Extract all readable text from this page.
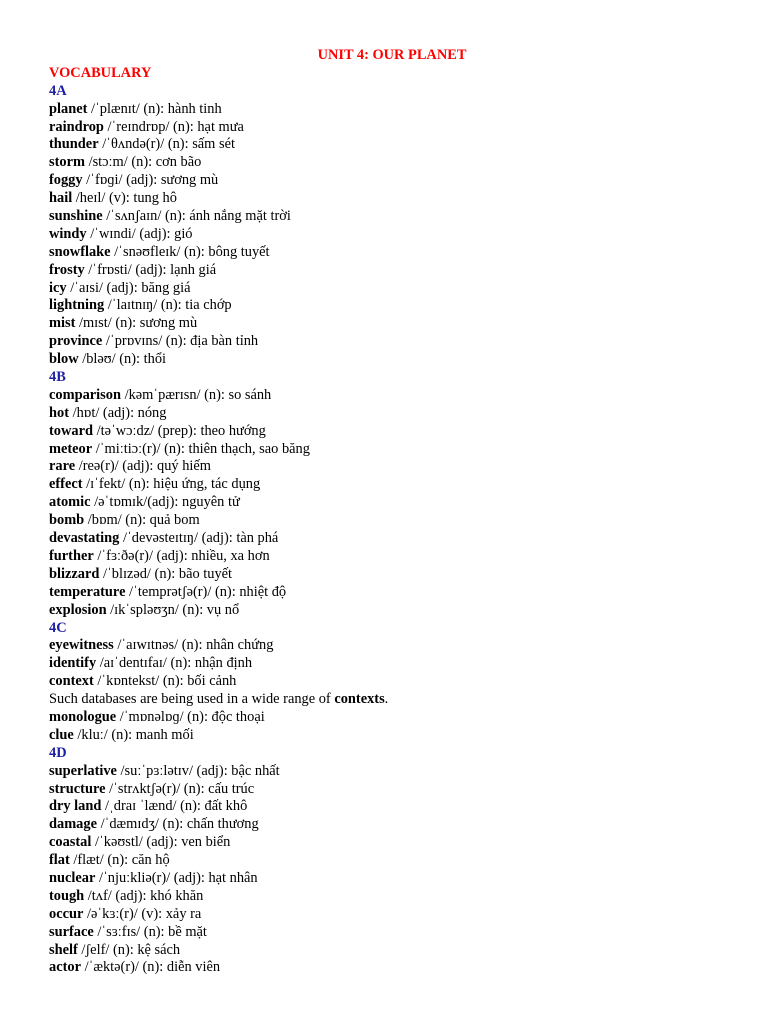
UNIT 4: OUR PLANET
VOCABULARY
4A
planet /ˈplænɪt/ (n): hành tinh
raindrop /ˈreɪndrɒp/ (n): hạt mưa
thunder /ˈθʌndə(r)/ (n): sấm sét
storm /stɔːm/ (n): cơn bão
foggy /ˈfɒɡi/ (adj): sương mù
hail /heɪl/ (v): tung hô
sunshine /ˈsʌnʃaɪn/ (n): ánh nắng mặt trời
windy /ˈwɪndi/ (adj): gió
snowflake /ˈsnəʊfleɪk/ (n): bông tuyết
frosty /ˈfrɒsti/ (adj): lạnh giá
icy /ˈaɪsi/ (adj): băng giá
lightning /ˈlaɪtnɪŋ/ (n): tia chớp
mist /mɪst/ (n): sương mù
province /ˈprɒvɪns/ (n): địa bàn tỉnh
blow /bləʊ/ (n): thổi
4B
comparison /kəmˈpærɪsn/ (n): so sánh
hot /hɒt/ (adj): nóng
toward /təˈwɔːdz/ (prep): theo hướng
meteor /ˈmiːtiɔː(r)/ (n): thiên thạch, sao băng
rare /reə(r)/ (adj): quý hiếm
effect /ɪˈfekt/ (n): hiệu ứng, tác dụng
atomic /əˈtɒmɪk/(adj): nguyên tử
bomb /bɒm/ (n): quả bom
devastating /ˈdevəsteɪtɪŋ/ (adj): tàn phá
further /ˈfɜːðə(r)/ (adj): nhiều, xa hơn
blizzard /ˈblɪzəd/ (n): bão tuyết
temperature /ˈtemprətʃə(r)/ (n): nhiệt độ
explosion /ɪkˈspləʊʒn/ (n): vụ nổ
4C
eyewitness /ˈaɪwɪtnəs/ (n): nhân chứng
identify /aɪˈdentɪfaɪ/ (n): nhận định
context /ˈkɒntekst/ (n): bối cảnh
Such databases are being used in a wide range of contexts.
monologue /ˈmɒnəlɒɡ/ (n): độc thoại
clue /kluː/ (n): manh mối
4D
superlative /suːˈpɜːlətɪv/ (adj): bậc nhất
structure /ˈstrʌktʃə(r)/ (n): cấu trúc
dry land /ˌdraɪ ˈlænd/ (n): đất khô
damage /ˈdæmɪdʒ/ (n): chấn thương
coastal /ˈkəʊstl/ (adj): ven biển
flat /flæt/ (n): căn hộ
nuclear /ˈnjuːkliə(r)/ (adj): hạt nhân
tough /tʌf/ (adj): khó khăn
occur /əˈkɜː(r)/ (v): xảy ra
surface /ˈsɜːfɪs/ (n): bề mặt
shelf /ʃelf/ (n): kệ sách
actor /ˈæktə(r)/ (n): diễn viên
